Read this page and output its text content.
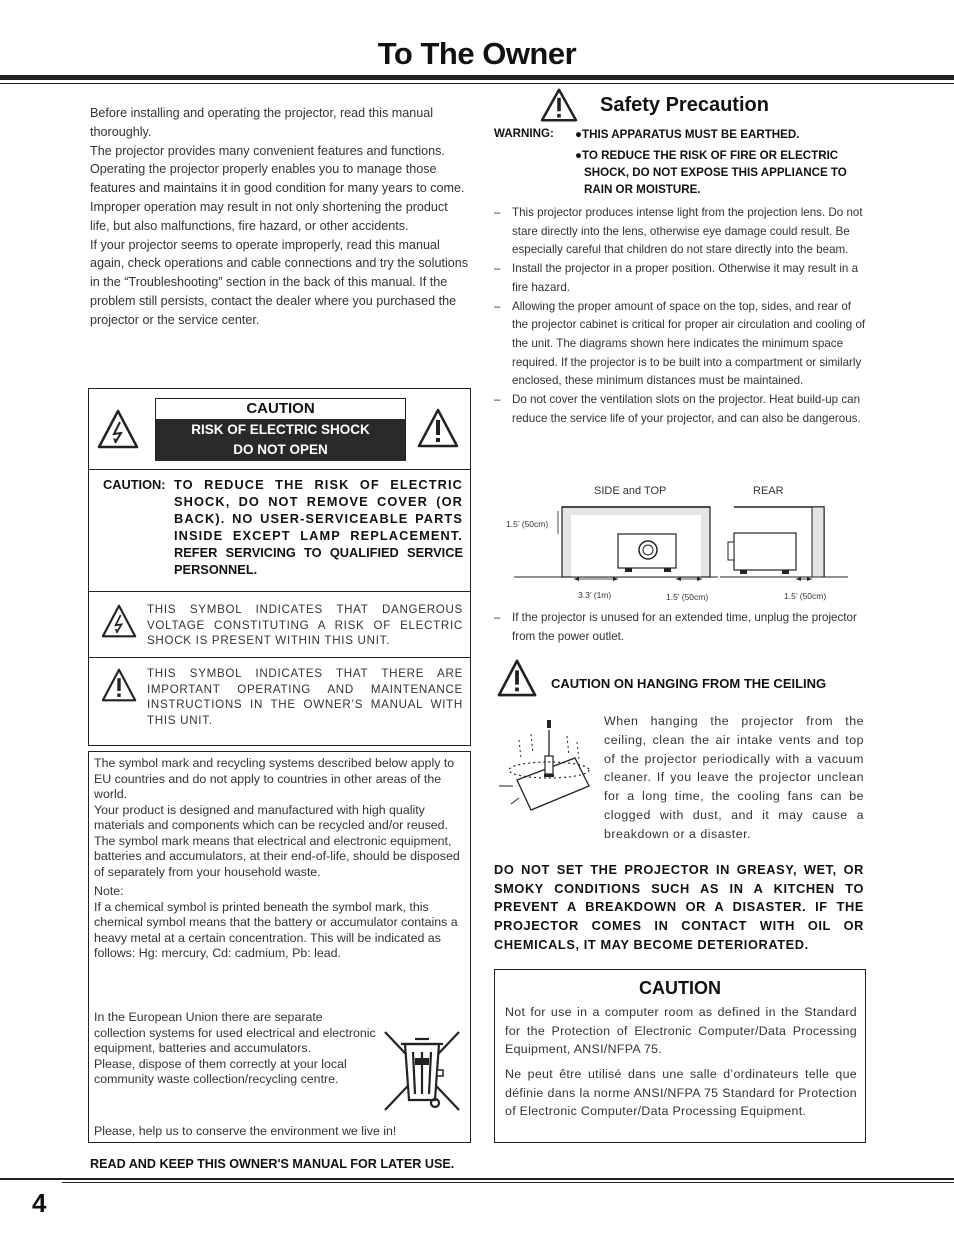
To The Owner

Before installing and operating the projector, read this manual thoroughly.

The projector provides many convenient features and functions. Operating the projector properly enables you to manage those features and maintains it in good condition for many years to come.

Improper operation may result in not only shortening the product life, but also malfunctions, fire hazard, or other accidents.

If your projector seems to operate improperly, read this manual again, check operations and cable connections and try the solutions in the “Troubleshooting” section in the back of this manual. If the problem still persists, contact the dealer where you purchased the projector or the service center.

CAUTION
RISK OF ELECTRIC SHOCK
DO NOT OPEN
CAUTION: TO REDUCE THE RISK OF ELECTRIC SHOCK, DO NOT REMOVE COVER (OR BACK). NO USER-SERVICEABLE PARTS INSIDE EXCEPT LAMP REPLACEMENT. REFER SERVICING TO QUALIFIED SERVICE PERSONNEL.
THIS SYMBOL INDICATES THAT DANGEROUS VOLTAGE CONSTITUTING A RISK OF ELECTRIC SHOCK IS PRESENT WITHIN THIS UNIT.
THIS SYMBOL INDICATES THAT THERE ARE IMPORTANT OPERATING AND MAINTENANCE INSTRUCTIONS IN THE OWNER’S MANUAL WITH THIS UNIT.

The symbol mark and recycling systems described below apply to EU countries and do not apply to countries in other areas of the world.

Your product is designed and manufactured with high quality materials and components which can be recycled and/or reused.

The symbol mark means that electrical and electronic equipment, batteries and accumulators, at their end-of-life, should be disposed of separately from your household waste.

Note:

If a chemical symbol is printed beneath the symbol mark, this chemical symbol means that the battery or accumulator contains a heavy metal at a certain concentration. This will be indicated as follows: Hg: mercury, Cd: cadmium, Pb: lead.

In the European Union there are separate collection systems for used electrical and electronic equipment, batteries and accumulators.

Please, dispose of them correctly at your local community waste collection/recycling centre.

Please, help us to conserve the environment we live in!
READ AND KEEP THIS OWNER'S MANUAL FOR LATER USE.
4
Safety Precaution
WARNING: ●THIS APPARATUS MUST BE EARTHED.
●TO REDUCE THE RISK OF FIRE OR ELECTRIC SHOCK, DO NOT EXPOSE THIS APPLIANCE TO RAIN OR MOISTURE.
– This projector produces intense light from the projection lens. Do not stare directly into the lens, otherwise eye damage could result. Be especially careful that children do not stare directly into the beam.
– Install the projector in a proper position. Otherwise it may result in a fire hazard.
– Allowing the proper amount of space on the top, sides, and rear of the projector cabinet is critical for proper air circulation and cooling of the unit. The diagrams shown here indicates the minimum space required. If the projector is to be built into a compartment or similarly enclosed, these minimum distances must be maintained.
– Do not cover the ventilation slots on the projector. Heat build-up can reduce the service life of your projector, and can also be dangerous.
SIDE and TOP	REAR
1.5’ (50cm)
3.3’ (1m)	1.5’ (50cm)	1.5’ (50cm)
– If the projector is unused for an extended time, unplug the projector from the power outlet.
CAUTION ON HANGING FROM THE CEILING
When hanging the projector from the ceiling, clean the air intake vents and top of the projector periodically with a vacuum cleaner. If you leave the projector unclean for a long time, the cooling fans can be clogged with dust, and it may cause a breakdown or a disaster.
DO NOT SET THE PROJECTOR IN GREASY, WET, OR SMOKY CONDITIONS SUCH AS IN A KITCHEN TO PREVENT A BREAKDOWN OR A DISASTER. IF THE PROJECTOR COMES IN CONTACT WITH OIL OR CHEMICALS, IT MAY BECOME DETERIORATED.
CAUTION
Not for use in a computer room as defined in the Standard for the Protection of Electronic Computer/Data Processing Equipment, ANSI/NFPA 75.
Ne peut être utilisé dans une salle d’ordinateurs telle que définie dans la norme ANSI/NFPA 75 Standard for Protection of Electronic Computer/Data Processing Equipment.
